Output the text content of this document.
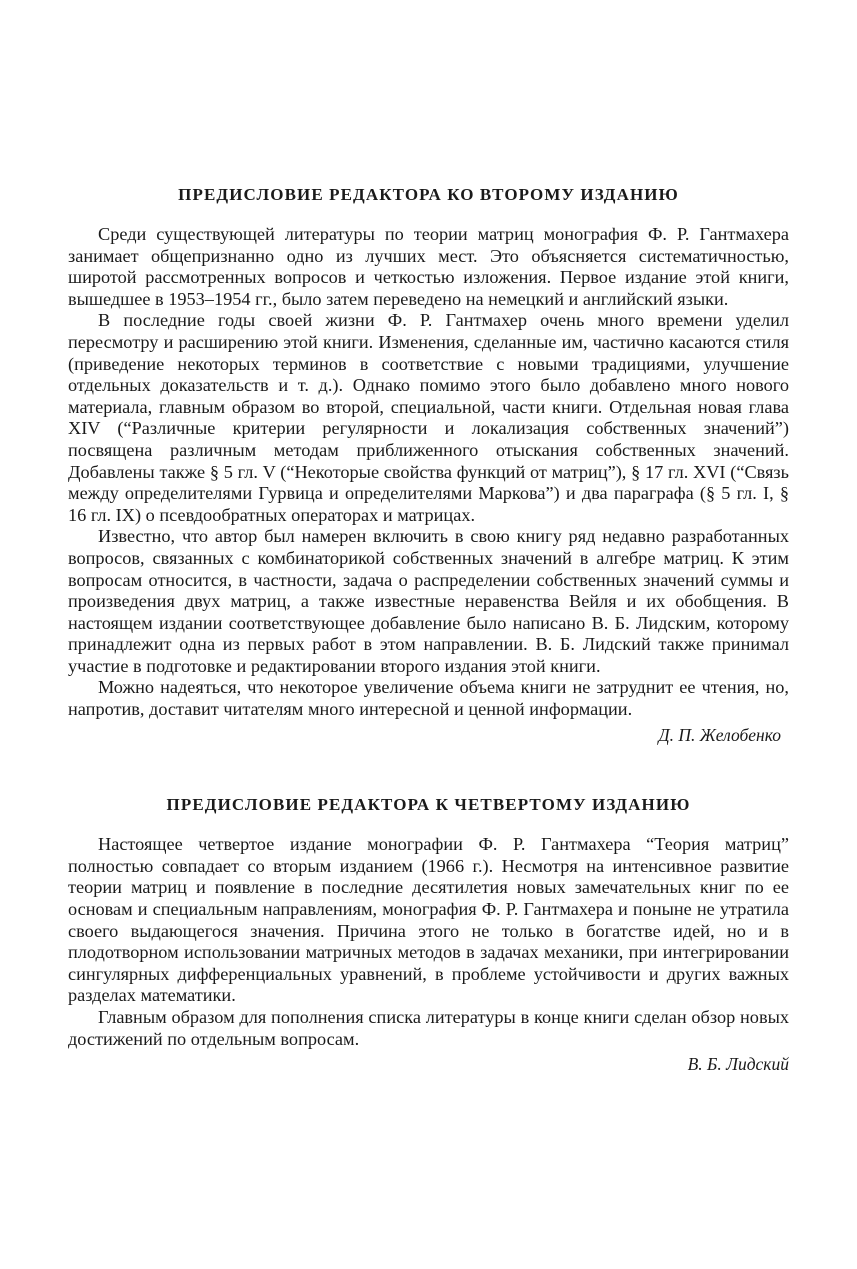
ПРЕДИСЛОВИЕ РЕДАКТОРА КО ВТОРОМУ ИЗДАНИЮ

Среди существующей литературы по теории матриц монография Ф. Р. Гантмахера занимает общепризнанно одно из лучших мест. Это объясняется систематичностью, широтой рассмотренных вопросов и четкостью изложения. Первое издание этой книги, вышедшее в 1953–1954 гг., было затем переведено на немецкий и английский языки.

В последние годы своей жизни Ф. Р. Гантмахер очень много времени уделил пересмотру и расширению этой книги. Изменения, сделанные им, частично касаются стиля (приведение некоторых терминов в соответствие с новыми традициями, улучшение отдельных доказательств и т. д.). Однако помимо этого было добавлено много нового материала, главным образом во второй, специальной, части книги. Отдельная новая глава XIV (“Различные критерии регулярности и локализация собственных значений”) посвящена различным методам приближенного отыскания собственных значений. Добавлены также § 5 гл. V (“Некоторые свойства функций от матриц”), § 17 гл. XVI (“Связь между определителями Гурвица и определителями Маркова”) и два параграфа (§ 5 гл. I, § 16 гл. IX) о псевдообратных операторах и матрицах.

Известно, что автор был намерен включить в свою книгу ряд недавно разработанных вопросов, связанных с комбинаторикой собственных значений в алгебре матриц. К этим вопросам относится, в частности, задача о распределении собственных значений суммы и произведения двух матриц, а также известные неравенства Вейля и их обобщения. В настоящем издании соответствующее добавление было написано В. Б. Лидским, которому принадлежит одна из первых работ в этом направлении. В. Б. Лидский также принимал участие в подготовке и редактировании второго издания этой книги.

Можно надеяться, что некоторое увеличение объема книги не затруднит ее чтения, но, напротив, доставит читателям много интересной и ценной информации.

Д. П. Желобенко

ПРЕДИСЛОВИЕ РЕДАКТОРА К ЧЕТВЕРТОМУ ИЗДАНИЮ

Настоящее четвертое издание монографии Ф. Р. Гантмахера “Теория матриц” полностью совпадает со вторым изданием (1966 г.). Несмотря на интенсивное развитие теории матриц и появление в последние десятилетия новых замечательных книг по ее основам и специальным направлениям, монография Ф. Р. Гантмахера и поныне не утратила своего выдающегося значения. Причина этого не только в богатстве идей, но и в плодотворном использовании матричных методов в задачах механики, при интегрировании сингулярных дифференциальных уравнений, в проблеме устойчивости и других важных разделах математики.

Главным образом для пополнения списка литературы в конце книги сделан обзор новых достижений по отдельным вопросам.

В. Б. Лидский
